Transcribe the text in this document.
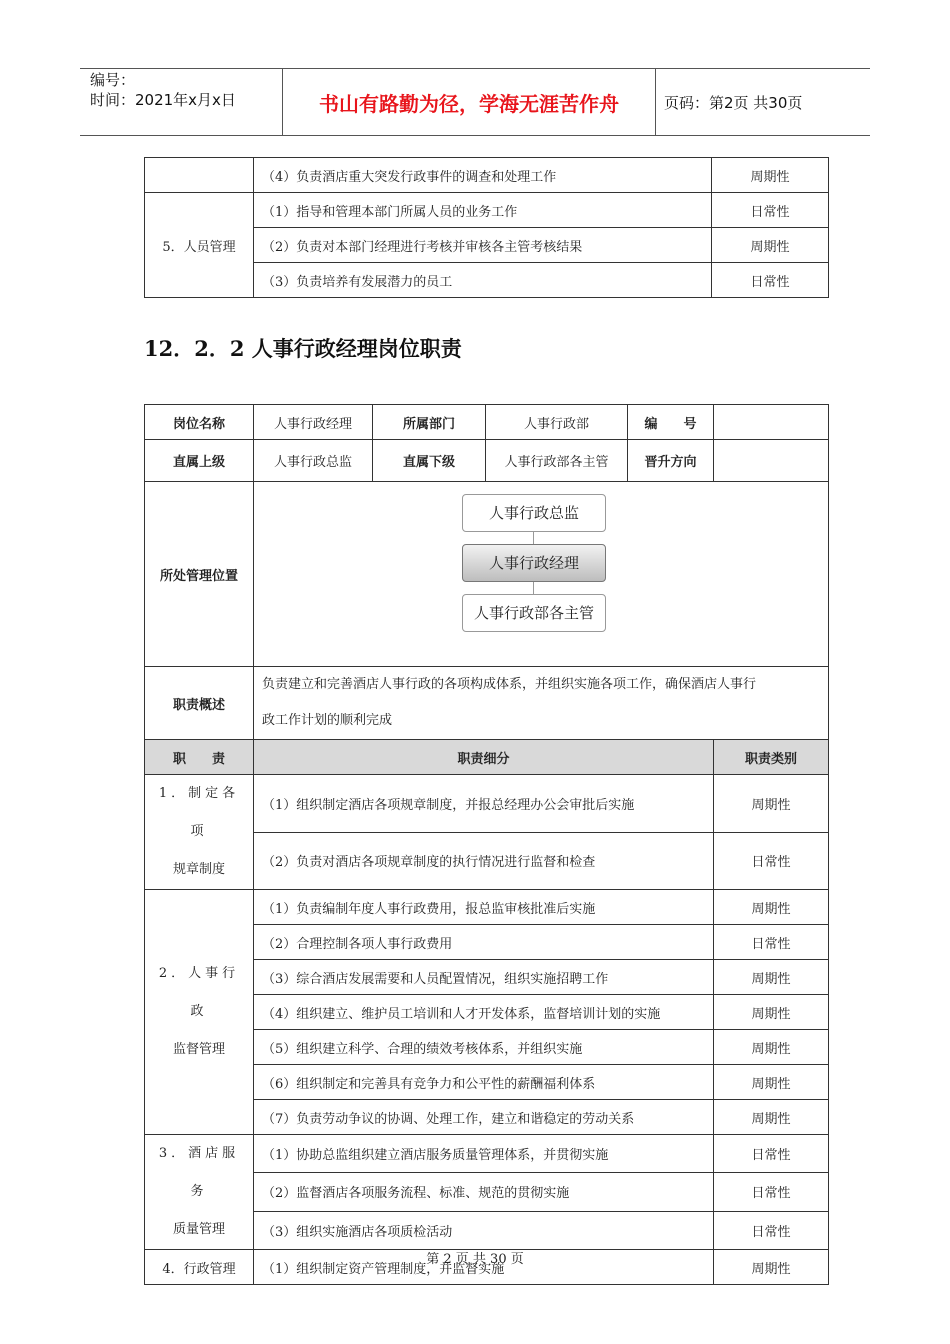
编号：
时间：2021年x月x日	书山有路勤为径，学海无涯苦作舟	页码：第2页 共30页
	（4）负责酒店重大突发行政事件的调查和处理工作	周期性
5．人员管理	（1）指导和管理本部门所属人员的业务工作	日常性
	（2）负责对本部门经理进行考核并审核各主管考核结果	周期性
	（3）负责培养有发展潜力的员工	日常性
12．2．2 人事行政经理岗位职责
岗位名称	人事行政经理	所属部门	人事行政部	编　　号	
直属上级	人事行政总监	直属下级	人事行政部各主管	晋升方向	
所处管理位置					
职责概述	负责建立和完善酒店人事行政的各项构成体系，并组织实施各项工作，确保酒店人事行
政工作计划的顺利完成				

职　　责	职责细分				职责类别

1．制定各项
规章制度	（1）组织制定酒店各项规章制度，并报总经理办公会审批后实施				周期性
	（2）负责对酒店各项规章制度的执行情况进行监督和检查				日常性

2．人事行政
监督管理	（1）负责编制年度人事行政费用，报总监审核批准后实施				周期性
	（2）合理控制各项人事行政费用				日常性
	（3）综合酒店发展需要和人员配置情况，组织实施招聘工作				周期性
	（4）组织建立、维护员工培训和人才开发体系，监督培训计划的实施				周期性
	（5）组织建立科学、合理的绩效考核体系，并组织实施				周期性
	（6）组织制定和完善具有竞争力和公平性的薪酬福利体系				周期性
	（7）负责劳动争议的协调、处理工作，建立和谐稳定的劳动关系				周期性

3．酒店服务
质量管理	（1）协助总监组织建立酒店服务质量管理体系，并贯彻实施				日常性
	（2）监督酒店各项服务流程、标准、规范的贯彻实施				日常性
	（3）组织实施酒店各项质检活动				日常性
4．行政管理	（1）组织制定资产管理制度，并监督实施				周期性
人事行政总监
人事行政经理
人事行政部各主管
第 2 页 共 30 页
